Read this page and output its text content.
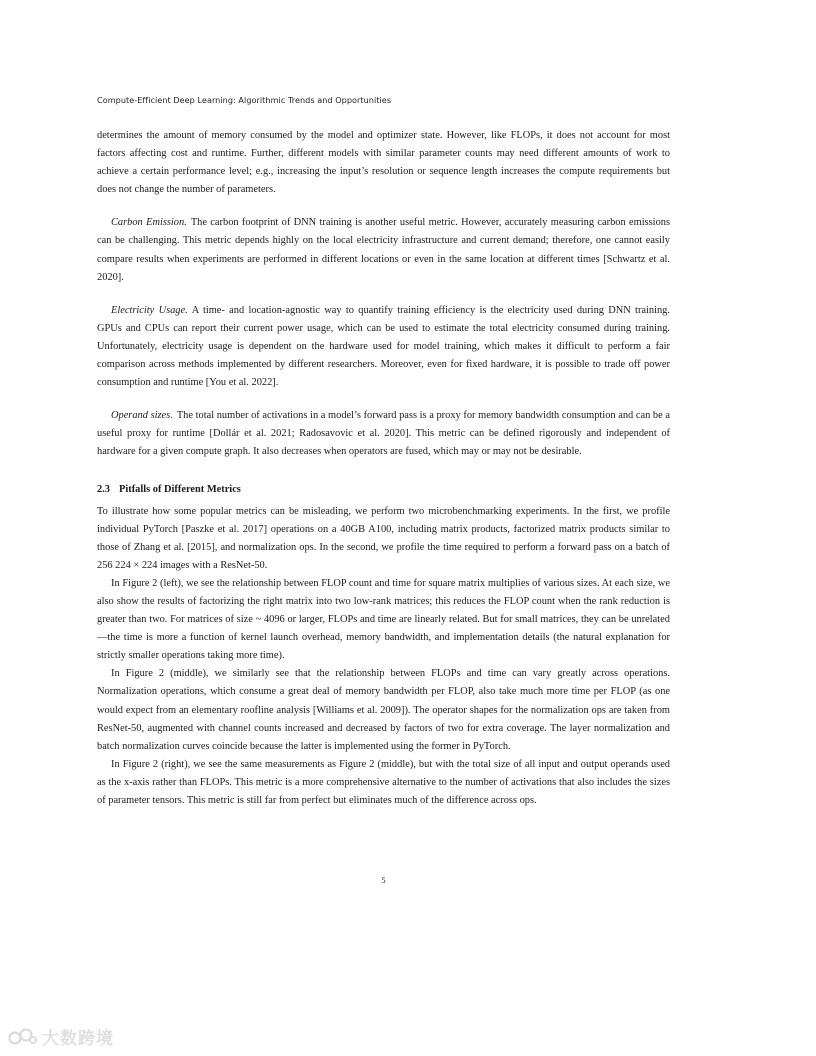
Compute-Efficient Deep Learning: Algorithmic Trends and Opportunities

determines the amount of memory consumed by the model and optimizer state. However, like FLOPs, it does not account for most factors affecting cost and runtime. Further, different models with similar parameter counts may need different amounts of work to achieve a certain performance level; e.g., increasing the input’s resolution or sequence length increases the compute requirements but does not change the number of parameters.

Carbon Emission. The carbon footprint of DNN training is another useful metric. However, accurately measuring carbon emissions can be challenging. This metric depends highly on the local electricity infrastructure and current demand; therefore, one cannot easily compare results when experiments are performed in different locations or even in the same location at different times [Schwartz et al. 2020].

Electricity Usage. A time- and location-agnostic way to quantify training efficiency is the electricity used during DNN training. GPUs and CPUs can report their current power usage, which can be used to estimate the total electricity consumed during training. Unfortunately, electricity usage is dependent on the hardware used for model training, which makes it difficult to perform a fair comparison across methods implemented by different researchers. Moreover, even for fixed hardware, it is possible to trade off power consumption and runtime [You et al. 2022].

Operand sizes. The total number of activations in a model’s forward pass is a proxy for memory bandwidth consumption and can be a useful proxy for runtime [Dollár et al. 2021; Radosavovic et al. 2020]. This metric can be defined rigorously and independent of hardware for a given compute graph. It also decreases when operators are fused, which may or may not be desirable.

2.3 Pitfalls of Different Metrics

To illustrate how some popular metrics can be misleading, we perform two microbenchmarking experiments. In the first, we profile individual PyTorch [Paszke et al. 2017] operations on a 40GB A100, including matrix products, factorized matrix products similar to those of Zhang et al. [2015], and normalization ops. In the second, we profile the time required to perform a forward pass on a batch of 256 224 × 224 images with a ResNet-50.

In Figure 2 (left), we see the relationship between FLOP count and time for square matrix multiplies of various sizes. At each size, we also show the results of factorizing the right matrix into two low-rank matrices; this reduces the FLOP count when the rank reduction is greater than two. For matrices of size ~ 4096 or larger, FLOPs and time are linearly related. But for small matrices, they can be unrelated—the time is more a function of kernel launch overhead, memory bandwidth, and implementation details (the natural explanation for strictly smaller operations taking more time).

In Figure 2 (middle), we similarly see that the relationship between FLOPs and time can vary greatly across operations. Normalization operations, which consume a great deal of memory bandwidth per FLOP, also take much more time per FLOP (as one would expect from an elementary roofline analysis [Williams et al. 2009]). The operator shapes for the normalization ops are taken from ResNet-50, augmented with channel counts increased and decreased by factors of two for extra coverage. The layer normalization and batch normalization curves coincide because the latter is implemented using the former in PyTorch.

In Figure 2 (right), we see the same measurements as Figure 2 (middle), but with the total size of all input and output operands used as the x-axis rather than FLOPs. This metric is a more comprehensive alternative to the number of activations that also includes the sizes of parameter tensors. This metric is still far from perfect but eliminates much of the difference across ops.

5
大数跨境
